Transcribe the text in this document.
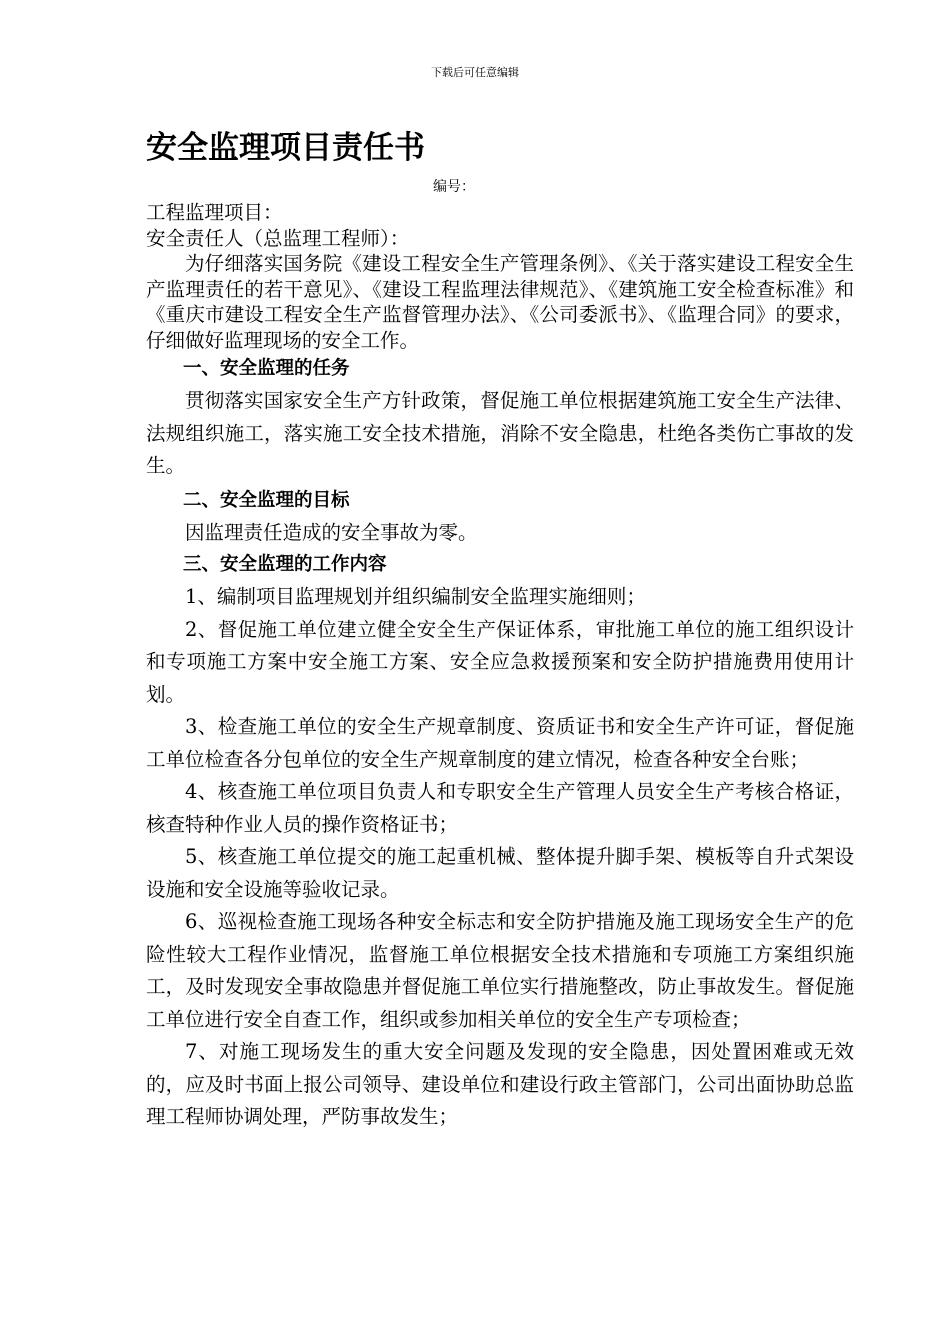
下载后可任意编辑
安全监理项目责任书
编号：

工程监理项目：

安全责任人（总监理工程师）：

为仔细落实国务院《建设工程安全生产管理条例》、《关于落实建设工程安全生产监理责任的若干意见》、《建设工程监理法律规范》、《建筑施工安全检查标准》和《重庆市建设工程安全生产监督管理办法》、《公司委派书》、《监理合同》的要求，仔细做好监理现场的安全工作。

一、安全监理的任务

贯彻落实国家安全生产方针政策，督促施工单位根据建筑施工安全生产法律、法规组织施工，落实施工安全技术措施，消除不安全隐患，杜绝各类伤亡事故的发生。

二、安全监理的目标

因监理责任造成的安全事故为零。

三、安全监理的工作内容

1、编制项目监理规划并组织编制安全监理实施细则；

2、督促施工单位建立健全安全生产保证体系，审批施工单位的施工组织设计和专项施工方案中安全施工方案、安全应急救援预案和安全防护措施费用使用计划。

3、检查施工单位的安全生产规章制度、资质证书和安全生产许可证，督促施工单位检查各分包单位的安全生产规章制度的建立情况，检查各种安全台账；

4、核查施工单位项目负责人和专职安全生产管理人员安全生产考核合格证，核查特种作业人员的操作资格证书；

5、核查施工单位提交的施工起重机械、整体提升脚手架、模板等自升式架设设施和安全设施等验收记录。

6、巡视检查施工现场各种安全标志和安全防护措施及施工现场安全生产的危险性较大工程作业情况，监督施工单位根据安全技术措施和专项施工方案组织施工，及时发现安全事故隐患并督促施工单位实行措施整改，防止事故发生。督促施工单位进行安全自查工作，组织或参加相关单位的安全生产专项检查；

7、对施工现场发生的重大安全问题及发现的安全隐患，因处置困难或无效的，应及时书面上报公司领导、建设单位和建设行政主管部门，公司出面协助总监理工程师协调处理，严防事故发生；
